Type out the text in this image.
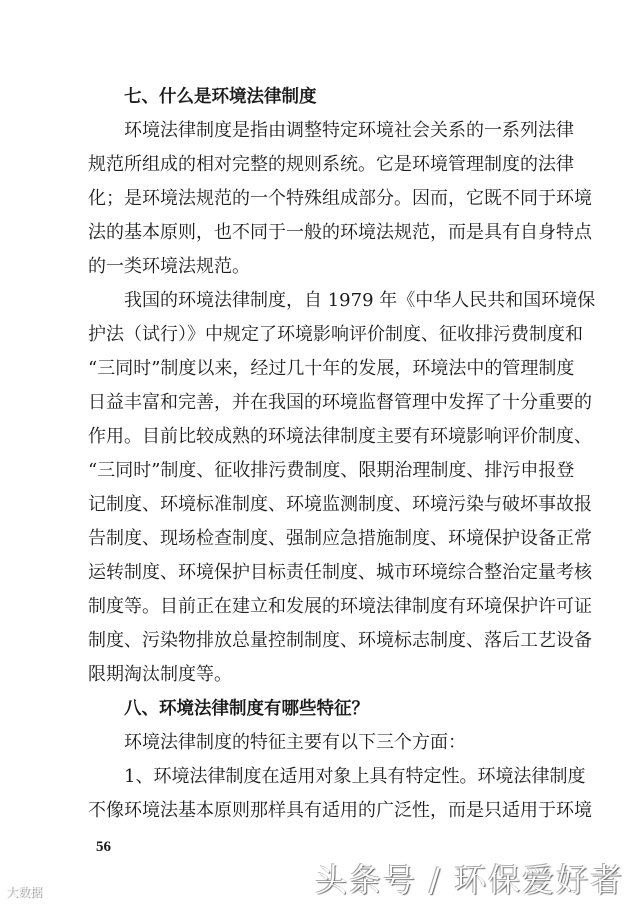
七、什么是环境法律制度
环境法律制度是指由调整特定环境社会关系的一系列法律
规范所组成的相对完整的规则系统。它是环境管理制度的法律
化；是环境法规范的一个特殊组成部分。因而，它既不同于环境
法的基本原则，也不同于一般的环境法规范，而是具有自身特点
的一类环境法规范。
我国的环境法律制度，自 1979 年《中华人民共和国环境保
护法（试行）》中规定了环境影响评价制度、征收排污费制度和
“三同时”制度以来，经过几十年的发展，环境法中的管理制度
日益丰富和完善，并在我国的环境监督管理中发挥了十分重要的
作用。目前比较成熟的环境法律制度主要有环境影响评价制度、
“三同时”制度、征收排污费制度、限期治理制度、排污申报登
记制度、环境标准制度、环境监测制度、环境污染与破坏事故报
告制度、现场检查制度、强制应急措施制度、环境保护设备正常
运转制度、环境保护目标责任制度、城市环境综合整治定量考核
制度等。目前正在建立和发展的环境法律制度有环境保护许可证
制度、污染物排放总量控制制度、环境标志制度、落后工艺设备
限期淘汰制度等。
八、环境法律制度有哪些特征？
环境法律制度的特征主要有以下三个方面：
1、环境法律制度在适用对象上具有特定性。环境法律制度
不像环境法基本原则那样具有适用的广泛性，而是只适用于环境
56
头条号 / 环保爱好者
大数据
